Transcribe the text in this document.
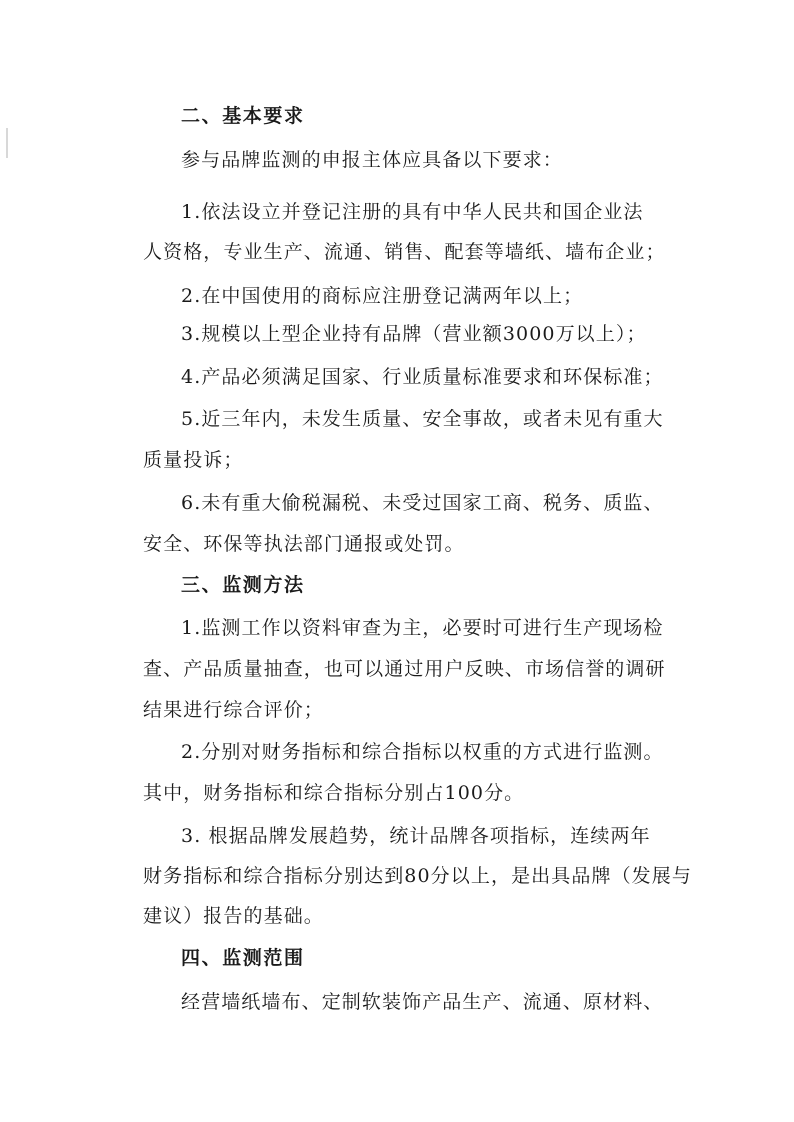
二、基本要求
参与品牌监测的申报主体应具备以下要求：
1.依法设立并登记注册的具有中华人民共和国企业法
人资格，专业生产、流通、销售、配套等墙纸、墙布企业；
2.在中国使用的商标应注册登记满两年以上；
3.规模以上型企业持有品牌（营业额3000万以上）；
4.产品必须满足国家、行业质量标准要求和环保标准；
5.近三年内，未发生质量、安全事故，或者未见有重大
质量投诉；
6.未有重大偷税漏税、未受过国家工商、税务、质监、
安全、环保等执法部门通报或处罚。
三、监测方法
1.监测工作以资料审查为主，必要时可进行生产现场检
查、产品质量抽查，也可以通过用户反映、市场信誉的调研
结果进行综合评价；
2.分别对财务指标和综合指标以权重的方式进行监测。
其中，财务指标和综合指标分别占100分。
3. 根据品牌发展趋势，统计品牌各项指标，连续两年
财务指标和综合指标分别达到80分以上，是出具品牌（发展与
建议）报告的基础。
四、监测范围
经营墙纸墙布、定制软装饰产品生产、流通、原材料、
